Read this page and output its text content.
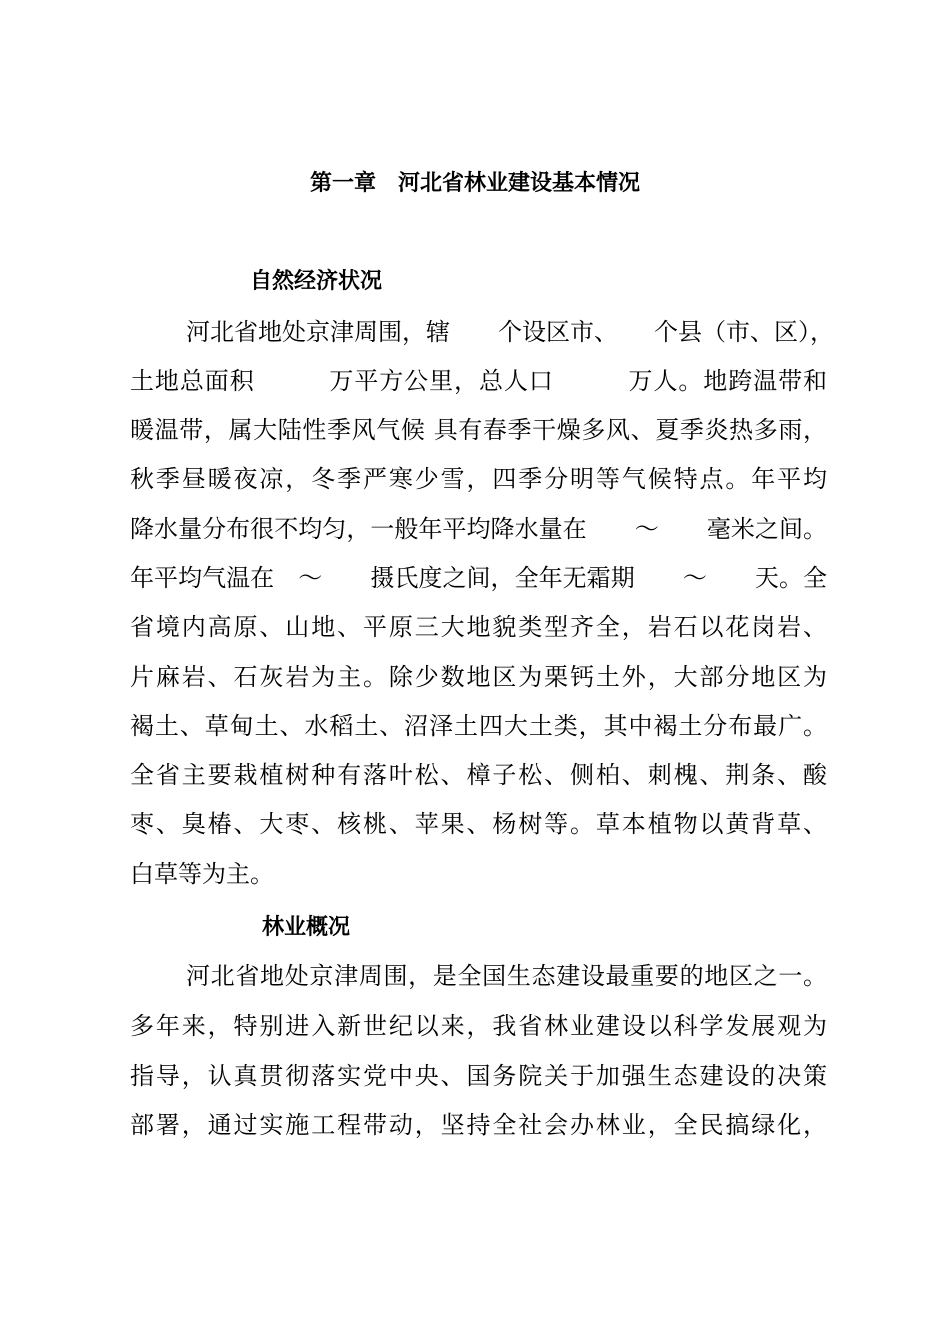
第一章　河北省林业建设基本情况
自然经济状况
河北省地处京津周围，辖　　个设区市、　　个县（市、区），
土地总面积　　　万平方公里，总人口　　　万人。地跨温带和
暖温带，属大陆性季风气候 具有春季干燥多风、夏季炎热多雨，
秋季昼暖夜凉，冬季严寒少雪，四季分明等气候特点。年平均
降水量分布很不均匀，一般年平均降水量在　　～　　毫米之间。
年平均气温在　～　　摄氏度之间，全年无霜期　　～　　天。全
省境内高原、山地、平原三大地貌类型齐全，岩石以花岗岩、
片麻岩、石灰岩为主。除少数地区为栗钙土外，大部分地区为
褐土、草甸土、水稻土、沼泽土四大土类，其中褐土分布最广。
全省主要栽植树种有落叶松、樟子松、侧柏、刺槐、荆条、酸
枣、臭椿、大枣、核桃、苹果、杨树等。草本植物以黄背草、
白草等为主。
林业概况
河北省地处京津周围，是全国生态建设最重要的地区之一。
多年来，特别进入新世纪以来，我省林业建设以科学发展观为
指导，认真贯彻落实党中央、国务院关于加强生态建设的决策
部署，通过实施工程带动，坚持全社会办林业，全民搞绿化，
